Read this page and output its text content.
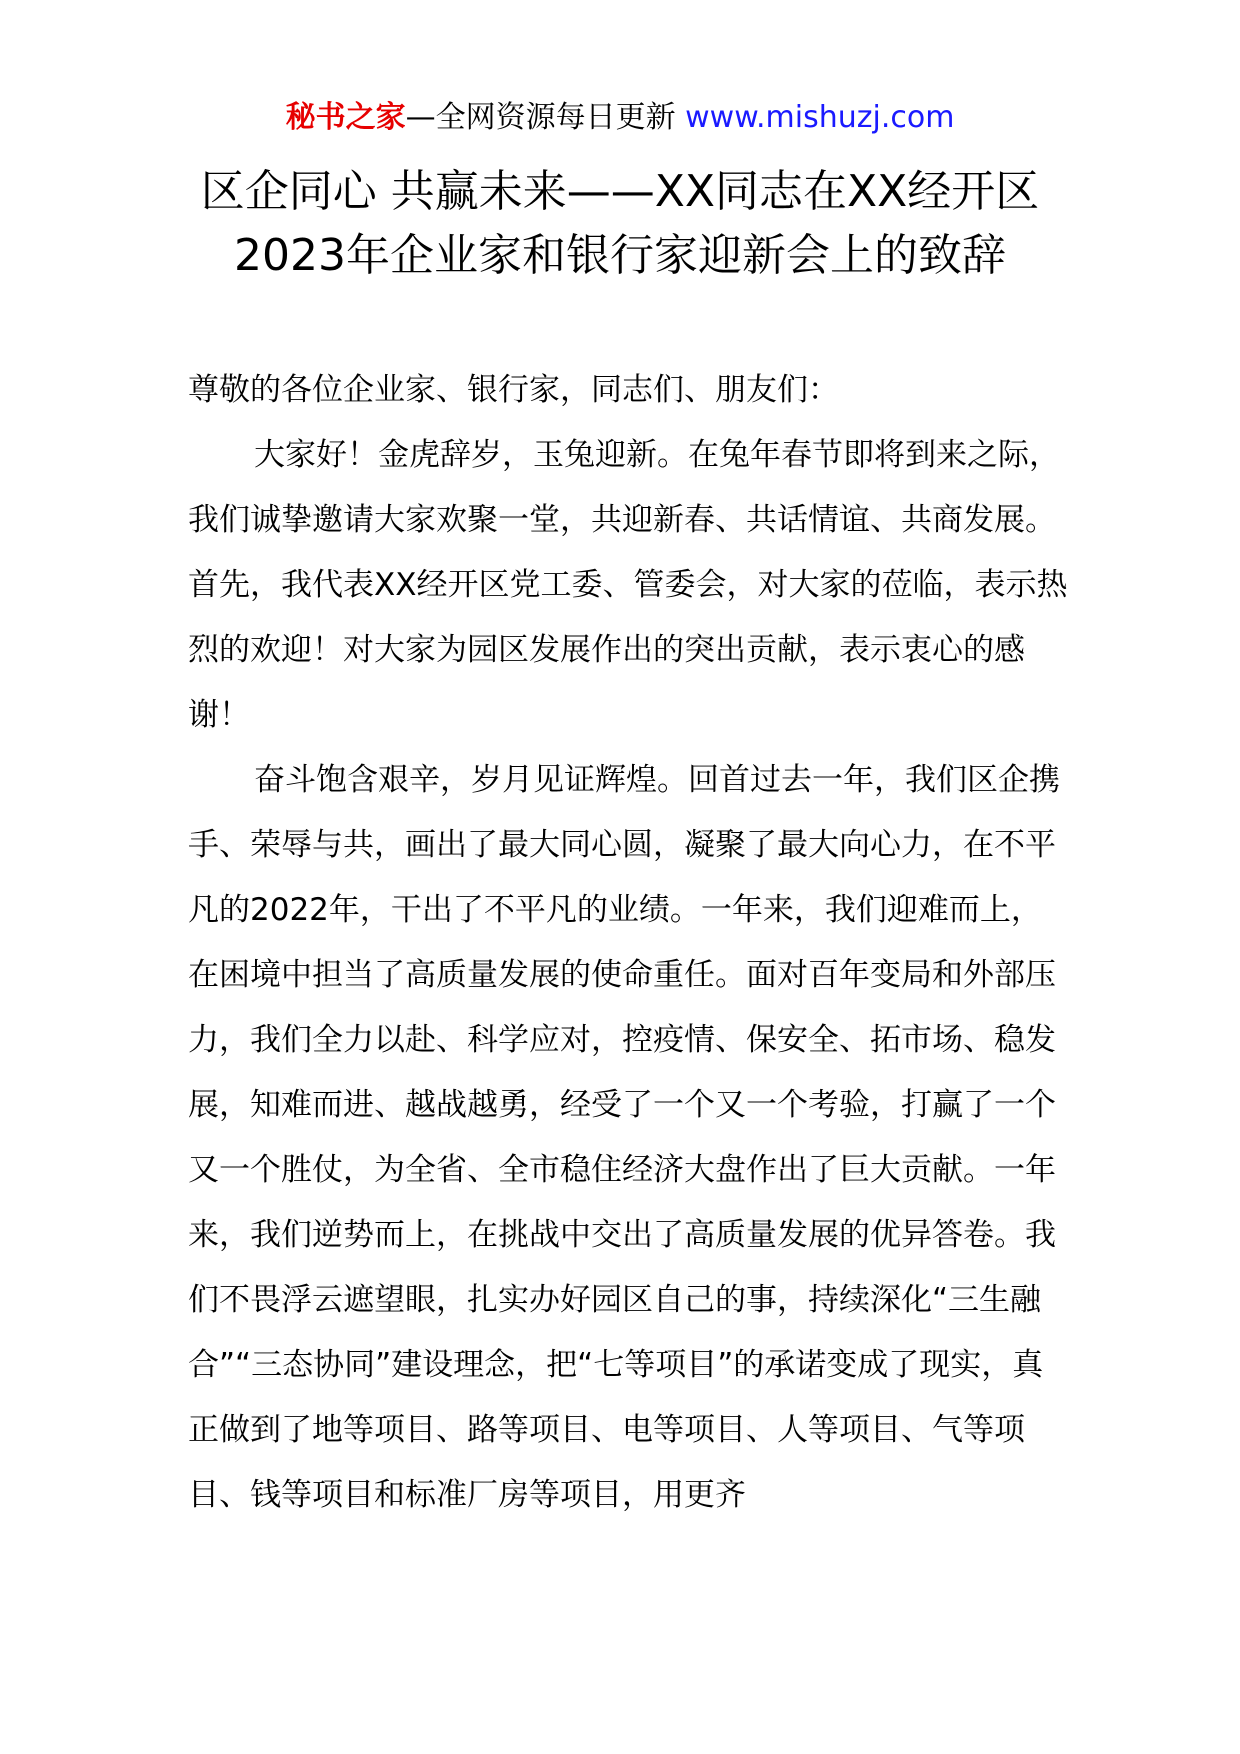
秘书之家—全网资源每日更新 www.mishuzj.com
区企同心 共赢未来——XX同志在XX经开区2023年企业家和银行家迎新会上的致辞

尊敬的各位企业家、银行家，同志们、朋友们：

大家好！金虎辞岁，玉兔迎新。在兔年春节即将到来之际，我们诚挚邀请大家欢聚一堂，共迎新春、共话情谊、共商发展。首先，我代表XX经开区党工委、管委会，对大家的莅临，表示热烈的欢迎！对大家为园区发展作出的突出贡献，表示衷心的感谢！

奋斗饱含艰辛，岁月见证辉煌。回首过去一年，我们区企携手、荣辱与共，画出了最大同心圆，凝聚了最大向心力，在不平凡的2022年，干出了不平凡的业绩。一年来，我们迎难而上，在困境中担当了高质量发展的使命重任。面对百年变局和外部压力，我们全力以赴、科学应对，控疫情、保安全、拓市场、稳发展，知难而进、越战越勇，经受了一个又一个考验，打赢了一个又一个胜仗，为全省、全市稳住经济大盘作出了巨大贡献。一年来，我们逆势而上，在挑战中交出了高质量发展的优异答卷。我们不畏浮云遮望眼，扎实办好园区自己的事，持续深化“三生融合”“三态协同”建设理念，把“七等项目”的承诺变成了现实，真正做到了地等项目、路等项目、电等项目、人等项目、气等项目、钱等项目和标准厂房等项目，用更齐
